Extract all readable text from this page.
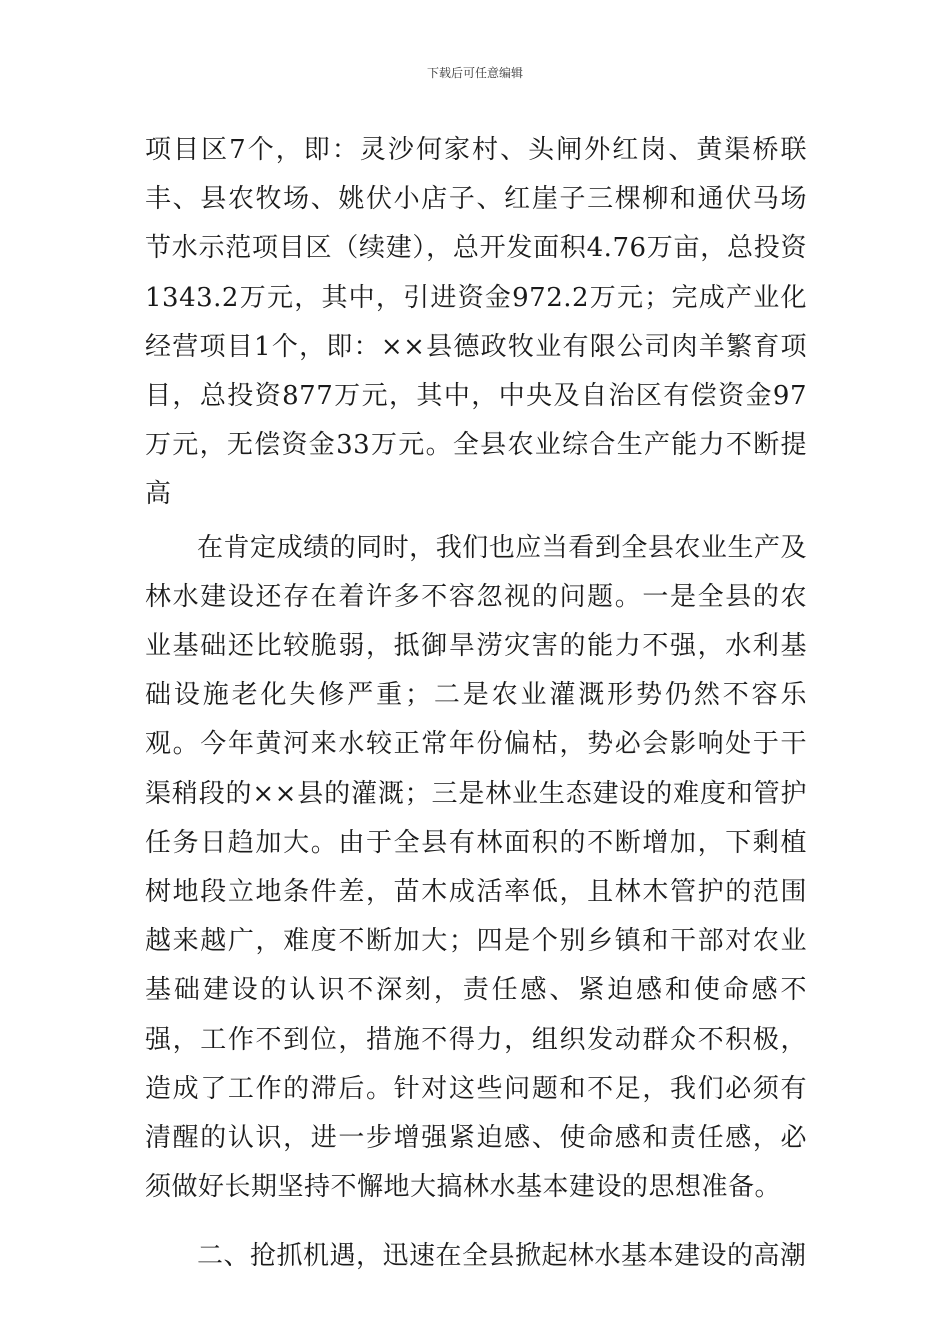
下载后可任意编辑

项目区7个，即：灵沙何家村、头闸外红岗、黄渠桥联丰、县农牧场、姚伏小店子、红崖子三棵柳和通伏马场节水示范项目区（续建），总开发面积4.76万亩，总投资1343.2万元，其中，引进资金972.2万元；完成产业化经营项目1个，即：××县德政牧业有限公司肉羊繁育项目，总投资877万元，其中，中央及自治区有偿资金97万元，无偿资金33万元。全县农业综合生产能力不断提高

在肯定成绩的同时，我们也应当看到全县农业生产及林水建设还存在着许多不容忽视的问题。一是全县的农业基础还比较脆弱，抵御旱涝灾害的能力不强，水利基础设施老化失修严重；二是农业灌溉形势仍然不容乐观。今年黄河来水较正常年份偏枯，势必会影响处于干渠稍段的××县的灌溉；三是林业生态建设的难度和管护任务日趋加大。由于全县有林面积的不断增加，下剩植树地段立地条件差，苗木成活率低，且林木管护的范围越来越广，难度不断加大；四是个别乡镇和干部对农业基础建设的认识不深刻，责任感、紧迫感和使命感不强，工作不到位，措施不得力，组织发动群众不积极，造成了工作的滞后。针对这些问题和不足，我们必须有清醒的认识，进一步增强紧迫感、使命感和责任感，必须做好长期坚持不懈地大搞林水基本建设的思想准备。

二、抢抓机遇，迅速在全县掀起林水基本建设的高潮
